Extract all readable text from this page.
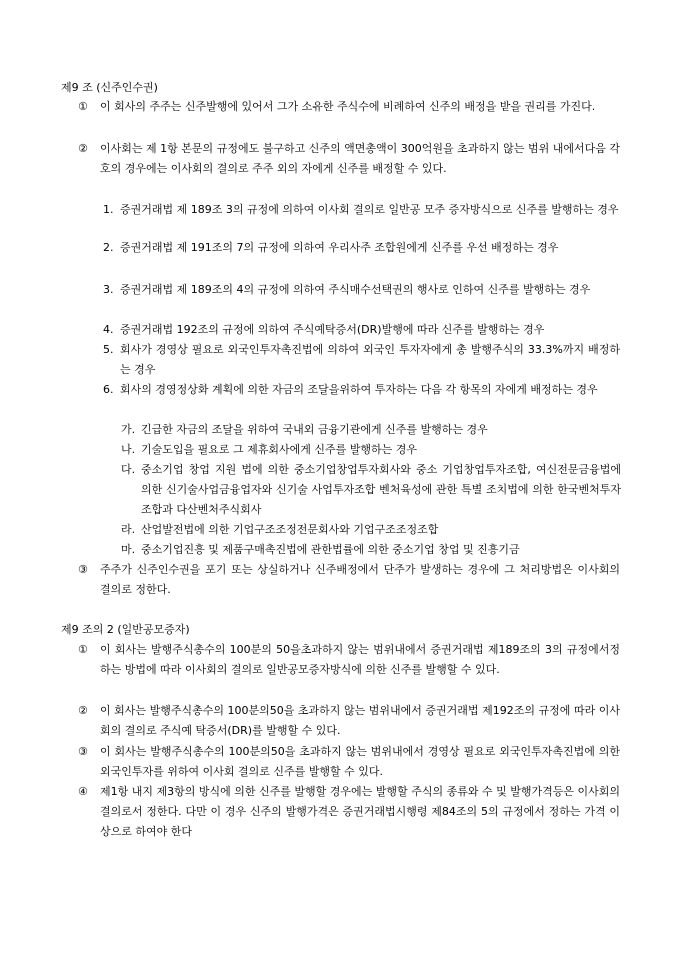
제9 조 (신주인수권)
① 이 회사의 주주는 신주발행에 있어서 그가 소유한 주식수에 비례하여 신주의 배정을 받을 권리를 가진다.
② 이사회는 제 1항 본문의 규정에도 불구하고 신주의 액면총액이 300억원을 초과하지 않는 범위 내에서다음 각 호의 경우에는 이사회의 결의로 주주 외의 자에게 신주를 배정할 수 있다.
1. 증권거래법 제 189조 3의 규정에 의하여 이사회 결의로 일반공 모주 증자방식으로 신주를 발행하는 경우
2. 증권거래법 제 191조의 7의 규정에 의하여 우리사주 조합원에게 신주를 우선 배정하는 경우
3. 증권거래법 제 189조의 4의 규정에 의하여 주식매수선택권의 행사로 인하여 신주를 발행하는 경우
4. 증권거래법 192조의 규정에 의하여 주식예탁증서(DR)발행에 따라 신주를 발행하는 경우
5. 회사가 경영상 필요로 외국인투자촉진법에 의하여 외국인 투자자에게 총 발행주식의 33.3%까지 배정하는 경우
6. 회사의 경영정상화 계획에 의한 자금의 조달을위하여 투자하는 다음 각 항목의 자에게 배정하는 경우
가. 긴급한 자금의 조달을 위하여 국내외 금융기관에게 신주를 발행하는 경우
나. 기술도입을 필요로 그 제휴회사에게 신주를 발행하는 경우
다. 중소기업 창업 지원 법에 의한 중소기업창업투자회사와 중소 기업창업투자조합, 여신전문금융법에 의한 신기술사업금융업자와 신기술 사업투자조합 벤처육성에 관한 특별 조치법에 의한 한국벤처투자조합과 다산벤처주식회사
라. 산업발전법에 의한 기업구조조정전문회사와 기업구조조정조합
마. 중소기업진흥 및 제품구매촉진법에 관한법률에 의한 중소기업 창업 및 진흥기금
③ 주주가 신주인수권을 포기 또는 상실하거나 신주배정에서 단주가 발생하는 경우에 그 처리방법은 이사회의 결의로 정한다.
제9 조의 2 (일반공모증자)
① 이 회사는 발행주식총수의 100분의 50을초과하지 않는 범위내에서 증권거래법 제189조의 3의 규정에서정하는 방법에 따라 이사회의 결의로 일반공모증자방식에 의한 신주를 발행할 수 있다.
② 이 회사는 발행주식총수의 100분의50을 초과하지 않는 범위내에서 증권거래법 제192조의 규정에 따라 이사회의 결의로 주식예 탁증서(DR)를 발행할 수 있다.
③ 이 회사는 발행주식총수의 100분의50을 초과하지 않는 범위내에서 경영상 필요로 외국인투자촉진법에 의한 외국인투자를 위하여 이사회 결의로 신주를 발행할 수 있다.
④ 제1항 내지 제3항의 방식에 의한 신주를 발행할 경우에는 발행할 주식의 종류와 수 및 발행가격등은 이사회의 결의로서 정한다. 다만 이 경우 신주의 발행가격은 증권거래법시행령 제84조의 5의 규정에서 정하는 가격 이상으로 하여야 한다
